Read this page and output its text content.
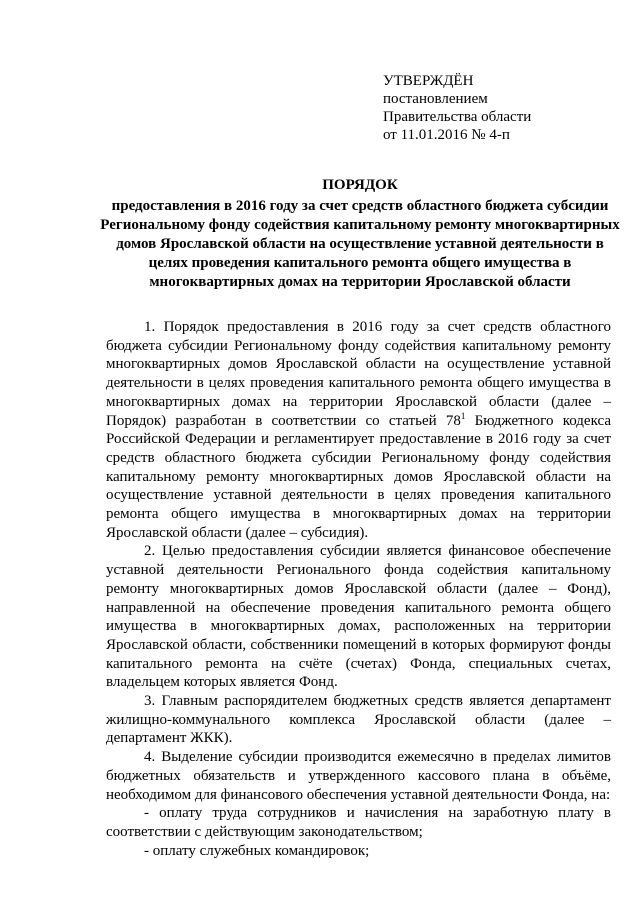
УТВЕРЖДЁН
постановлением
Правительства области
от 11.01.2016 № 4-п
ПОРЯДОК
предоставления в 2016 году за счет средств областного бюджета субсидии Региональному фонду содействия капитальному ремонту многоквартирных домов Ярославской области на осуществление уставной деятельности в целях проведения капитального ремонта общего имущества в многоквартирных домах на территории Ярославской области

1. Порядок предоставления в 2016 году за счет средств областного бюджета субсидии Региональному фонду содействия капитальному ремонту многоквартирных домов Ярославской области на осуществление уставной деятельности в целях проведения капитального ремонта общего имущества в многоквартирных домах на территории Ярославской области (далее – Порядок) разработан в соответствии со статьей $78^1$ Бюджетного кодекса Российской Федерации и регламентирует предоставление в 2016 году за счет средств областного бюджета субсидии Региональному фонду содействия капитальному ремонту многоквартирных домов Ярославской области на осуществление уставной деятельности в целях проведения капитального ремонта общего имущества в многоквартирных домах на территории Ярославской области (далее – субсидия).

2. Целью предоставления субсидии является финансовое обеспечение уставной деятельности Регионального фонда содействия капитальному ремонту многоквартирных домов Ярославской области (далее – Фонд), направленной на обеспечение проведения капитального ремонта общего имущества в многоквартирных домах, расположенных на территории Ярославской области, собственники помещений в которых формируют фонды капитального ремонта на счёте (счетах) Фонда, специальных счетах, владельцем которых является Фонд.

3. Главным распорядителем бюджетных средств является департамент жилищно-коммунального комплекса Ярославской области (далее – департамент ЖКК).

4. Выделение субсидии производится ежемесячно в пределах лимитов бюджетных обязательств и утвержденного кассового плана в объёме, необходимом для финансового обеспечения уставной деятельности Фонда, на:

- оплату труда сотрудников и начисления на заработную плату в соответствии с действующим законодательством;

- оплату служебных командировок;
